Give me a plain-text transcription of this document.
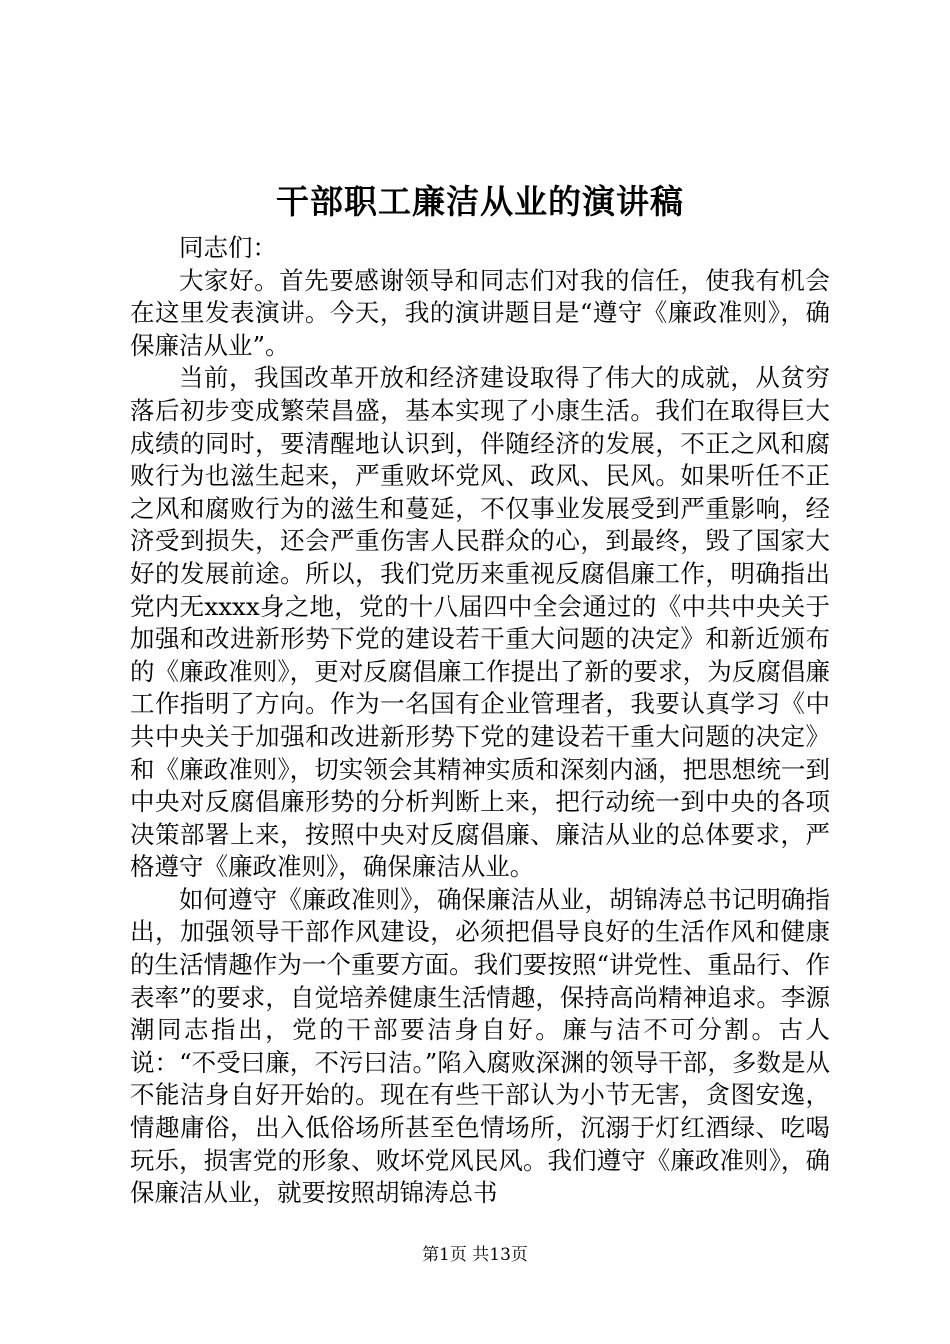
干部职工廉洁从业的演讲稿

同志们：

大家好。首先要感谢领导和同志们对我的信任，使我有机会在这里发表演讲。今天，我的演讲题目是“遵守《廉政准则》，确保廉洁从业”。

当前，我国改革开放和经济建设取得了伟大的成就，从贫穷落后初步变成繁荣昌盛，基本实现了小康生活。我们在取得巨大成绩的同时，要清醒地认识到，伴随经济的发展，不正之风和腐败行为也滋生起来，严重败坏党风、政风、民风。如果听任不正之风和腐败行为的滋生和蔓延，不仅事业发展受到严重影响，经济受到损失，还会严重伤害人民群众的心，到最终，毁了国家大好的发展前途。所以，我们党历来重视反腐倡廉工作，明确指出党内无xxxx身之地，党的十八届四中全会通过的《中共中央关于加强和改进新形势下党的建设若干重大问题的决定》和新近颁布的《廉政准则》，更对反腐倡廉工作提出了新的要求，为反腐倡廉工作指明了方向。作为一名国有企业管理者，我要认真学习《中共中央关于加强和改进新形势下党的建设若干重大问题的决定》和《廉政准则》，切实领会其精神实质和深刻内涵，把思想统一到中央对反腐倡廉形势的分析判断上来，把行动统一到中央的各项决策部署上来，按照中央对反腐倡廉、廉洁从业的总体要求，严格遵守《廉政准则》，确保廉洁从业。

如何遵守《廉政准则》，确保廉洁从业，胡锦涛总书记明确指出，加强领导干部作风建设，必须把倡导良好的生活作风和健康的生活情趣作为一个重要方面。我们要按照“讲党性、重品行、作表率”的要求，自觉培养健康生活情趣，保持高尚精神追求。李源潮同志指出，党的干部要洁身自好。廉与洁不可分割。古人说：“不受曰廉，不污曰洁。”陷入腐败深渊的领导干部，多数是从不能洁身自好开始的。现在有些干部认为小节无害，贪图安逸，情趣庸俗，出入低俗场所甚至色情场所，沉溺于灯红酒绿、吃喝玩乐，损害党的形象、败坏党风民风。我们遵守《廉政准则》，确保廉洁从业，就要按照胡锦涛总书

第1页 共13页
